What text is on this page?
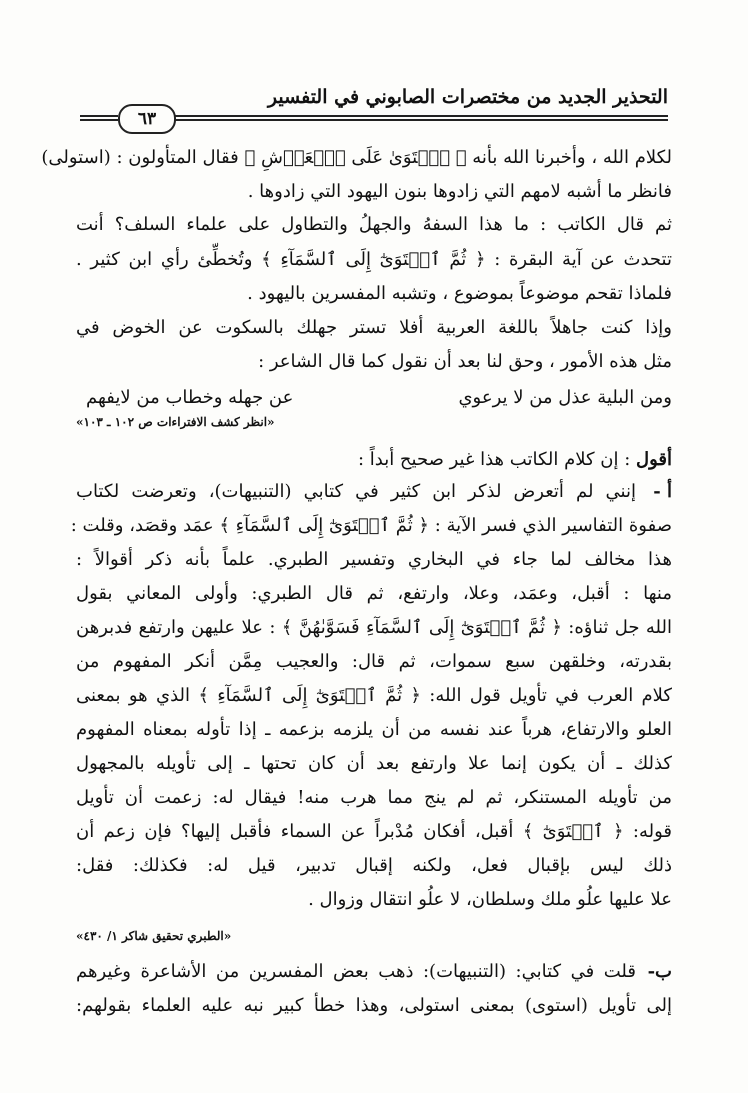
التحذير الجديد من مختصرات الصابوني في التفسير
٦٣
لكلام الله ، وأخبرنا الله بأنه ﴿ ٱسۡتَوَىٰ عَلَى ٱلۡعَرۡشِ ﴾ فقال المتأولون : (استولى)
فانظر ما أشبه لامهم التي زادوها بنون اليهود التي زادوها .
ثم قال الكاتب : ما هذا السفهُ والجهلُ والتطاول على علماء السلف؟ أنت
تتحدث عن آية البقرة : ﴿ ثُمَّ ٱسۡتَوَىٰٓ إِلَى ٱلسَّمَآءِ ﴾ وتُخطِّئ رأي ابن كثير .
فلماذا تقحم موضوعاً بموضوع ، وتشبه المفسرين باليهود .
وإذا كنت جاهلاً باللغة العربية أفلا تستر جهلك بالسكوت عن الخوض في
مثل هذه الأمور ، وحق لنا بعد أن نقول كما قال الشاعر :
ومن البلية عذل من لا يرعوي
عن جهله وخطاب من لايفهم
«انظر كشف الافتراءات ص ١٠٢ ـ ١٠٣»
أقول : إن كلام الكاتب هذا غير صحيح أبداً :
أ -
إنني لم أتعرض لذكر ابن كثير في كتابي (التنبيهات)، وتعرضت لكتاب
صفوة التفاسير الذي فسر الآية : ﴿ ثُمَّ ٱسۡتَوَىٰٓ إِلَى ٱلسَّمَآءِ ﴾ عمَد وقصَد، وقلت :
هذا مخالف لما جاء في البخاري وتفسير الطبري. علماً بأنه ذكر أقوالاً :
منها : أقبل، وعمَد، وعلا، وارتفع، ثم قال الطبري: وأولى المعاني بقول
الله جل ثناؤه: ﴿ ثُمَّ ٱسۡتَوَىٰٓ إِلَى ٱلسَّمَآءِ فَسَوَّىٰهُنَّ ﴾ : علا عليهن وارتفع فدبرهن
بقدرته، وخلقهن سبع سموات، ثم قال: والعجيب مِمَّن أنكر المفهوم من
كلام العرب في تأويل قول الله: ﴿ ثُمَّ ٱسۡتَوَىٰٓ إِلَى ٱلسَّمَآءِ ﴾ الذي هو بمعنى
العلو والارتفاع، هرباً عند نفسه من أن يلزمه بزعمه ـ إذا تأوله بمعناه المفهوم
كذلك ـ أن يكون إنما علا وارتفع بعد أن كان تحتها ـ إلى تأويله بالمجهول
من تأويله المستنكر، ثم لم ينج مما هرب منه! فيقال له: زعمت أن تأويل
قوله: ﴿ ٱسۡتَوَىٰٓ ﴾ أقبل، أفكان مُدْبراً عن السماء فأقبل إليها؟ فإن زعم أن
ذلك ليس بإقبال فعل، ولكنه إقبال تدبير، قيل له: فكذلك: فقل:
علا عليها علُو ملك وسلطان، لا علُو انتقال وزوال .
«الطبري تحقيق شاكر ١/ ٤٣٠»
ب-
قلت في كتابي: (التنبيهات): ذهب بعض المفسرين من الأشاعرة وغيرهم
إلى تأويل (استوى) بمعنى استولى، وهذا خطأ كبير نبه عليه العلماء بقولهم:
